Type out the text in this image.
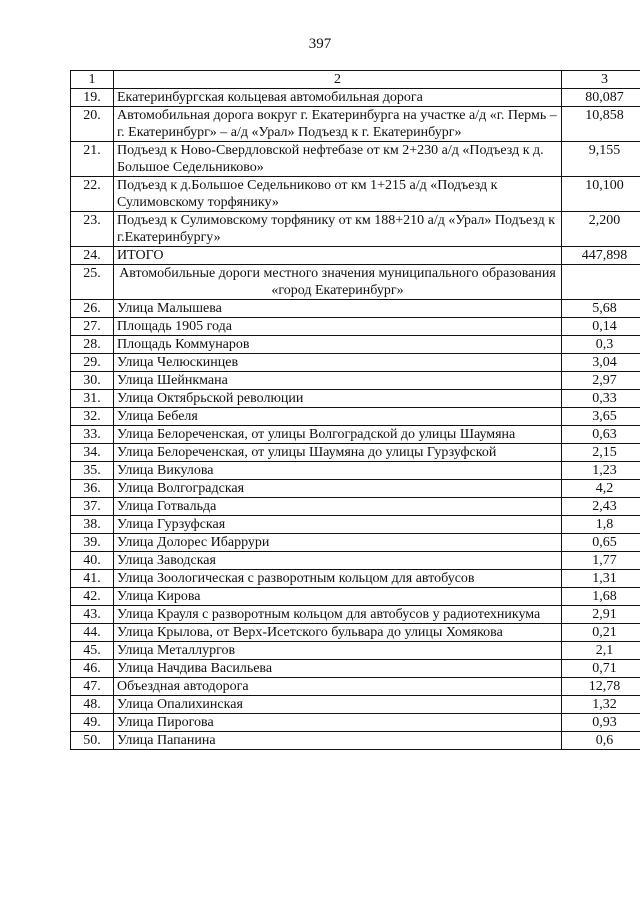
397
1	2	3
19.	Екатеринбургская кольцевая автомобильная дорога	80,087
20.	Автомобильная дорога вокруг г. Екатеринбурга на участке а/д «г. Пермь – г. Екатеринбург» – а/д «Урал» Подъезд к г. Екатеринбург»	10,858
21.	Подъезд к Ново-Свердловской нефтебазе от км 2+230 а/д «Подъезд к д. Большое Седельниково»	9,155
22.	Подъезд к д.Большое Седельниково от км 1+215 а/д «Подъезд к Сулимовскому торфянику»	10,100
23.	Подъезд к Сулимовскому торфянику от км 188+210 а/д «Урал» Подъезд к г.Екатеринбургу»	2,200
24.	ИТОГО	447,898
25.	Автомобильные дороги местного значения муниципального образования «город Екатеринбург»	
26.	Улица Малышева	5,68
27.	Площадь 1905 года	0,14
28.	Площадь Коммунаров	0,3
29.	Улица Челюскинцев	3,04
30.	Улица Шейнкмана	2,97
31.	Улица Октябрьской революции	0,33
32.	Улица Бебеля	3,65
33.	Улица Белореченская, от улицы Волгоградской до улицы Шаумяна	0,63
34.	Улица Белореченская, от улицы Шаумяна до улицы Гурзуфской	2,15
35.	Улица Викулова	1,23
36.	Улица Волгоградская	4,2
37.	Улица Готвальда	2,43
38.	Улица Гурзуфская	1,8
39.	Улица Долорес Ибаррури	0,65
40.	Улица Заводская	1,77
41.	Улица Зоологическая с разворотным кольцом для автобусов	1,31
42.	Улица Кирова	1,68
43.	Улица Крауля с разворотным кольцом для автобусов у радиотехникума	2,91
44.	Улица Крылова, от Верх-Исетского бульвара до улицы Хомякова	0,21
45.	Улица Металлургов	2,1
46.	Улица Начдива Васильева	0,71
47.	Объездная автодорога	12,78
48.	Улица Опалихинская	1,32
49.	Улица Пирогова	0,93
50.	Улица Папанина	0,6
